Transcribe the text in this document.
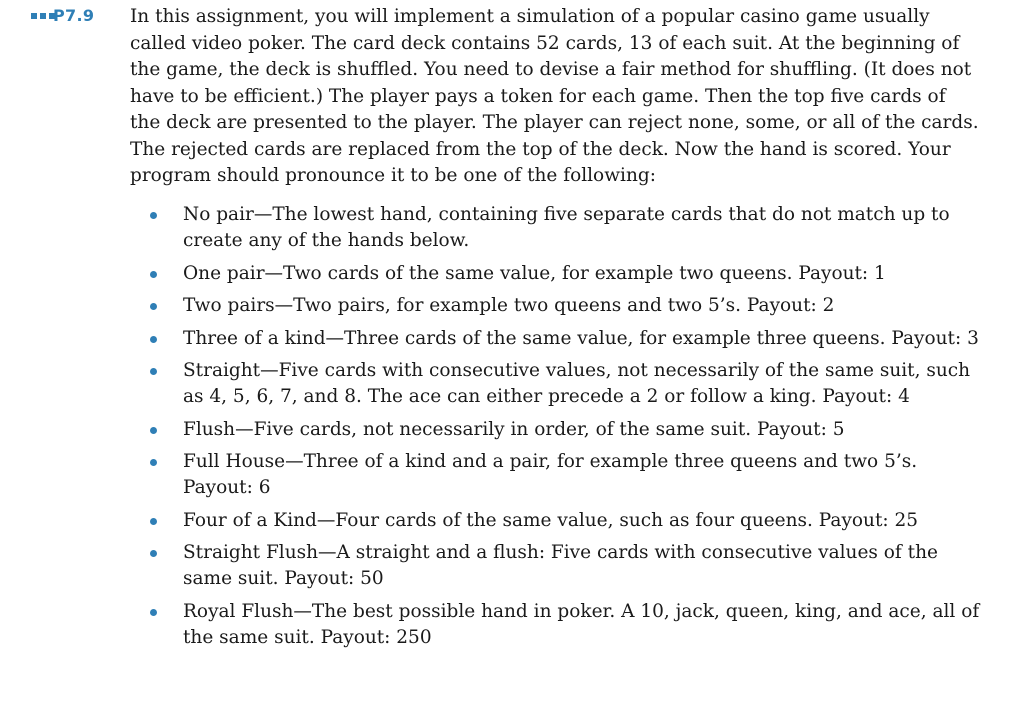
P7.9 In this assignment, you will implement a simulation of a popular casino game usually called video poker. The card deck contains 52 cards, 13 of each suit. At the beginning of the game, the deck is shuffled. You need to devise a fair method for shuffling. (It does not have to be efficient.) The player pays a token for each game. Then the top five cards of the deck are presented to the player. The player can reject none, some, or all of the cards. The rejected cards are replaced from the top of the deck. Now the hand is scored. Your program should pronounce it to be one of the following:

No pair—The lowest hand, containing five separate cards that do not match up to create any of the hands below.
One pair—Two cards of the same value, for example two queens. Payout: 1
Two pairs—Two pairs, for example two queens and two 5’s. Payout: 2
Three of a kind—Three cards of the same value, for example three queens. Payout: 3
Straight—Five cards with consecutive values, not necessarily of the same suit, such as 4, 5, 6, 7, and 8. The ace can either precede a 2 or follow a king. Payout: 4
Flush—Five cards, not necessarily in order, of the same suit. Payout: 5
Full House—Three of a kind and a pair, for example three queens and two 5’s. Payout: 6
Four of a Kind—Four cards of the same value, such as four queens. Payout: 25
Straight Flush—A straight and a flush: Five cards with consecutive values of the same suit. Payout: 50
Royal Flush—The best possible hand in poker. A 10, jack, queen, king, and ace, all of the same suit. Payout: 250
